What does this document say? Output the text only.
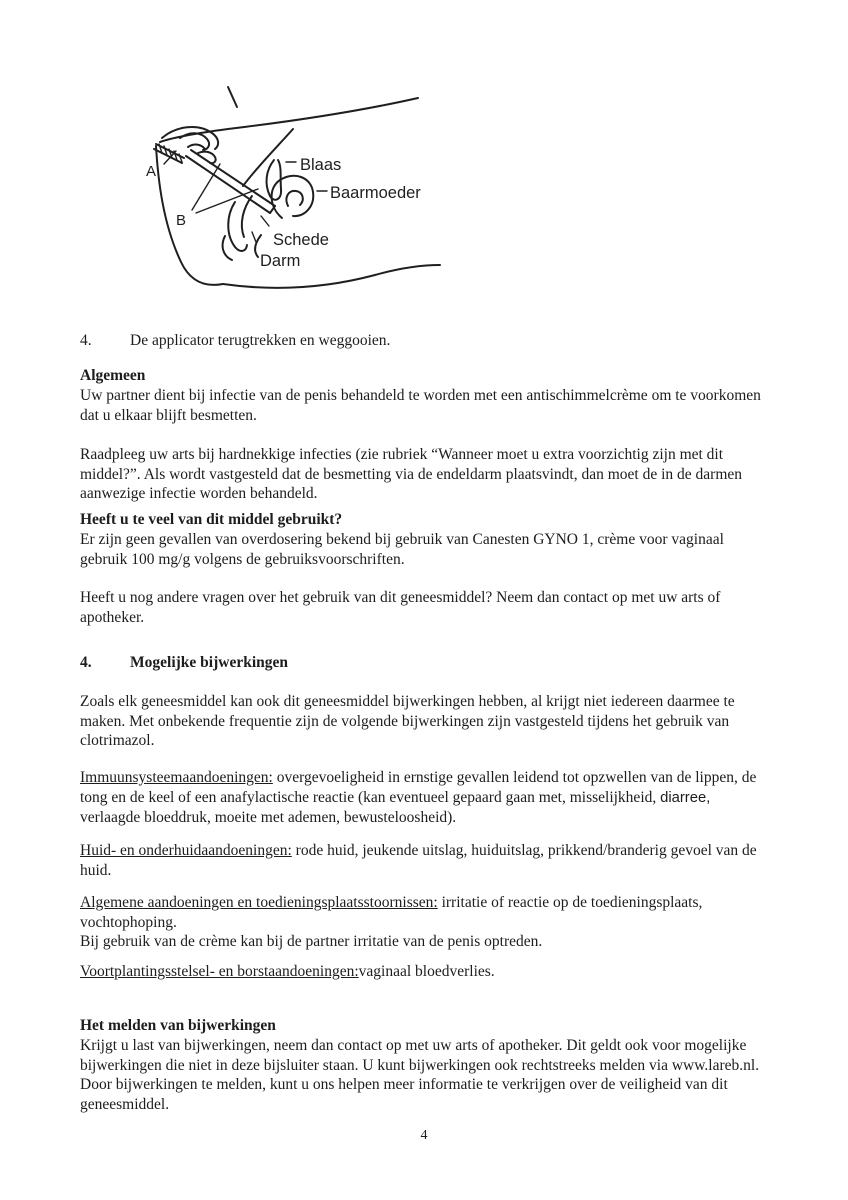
A
B
Blaas
Baarmoeder
Schede
Darm
4.	De applicator terugtrekken en weggooien.
Algemeen
Uw partner dient bij infectie van de penis behandeld te worden met een antischimmelcrème om te voorkomen dat u elkaar blijft besmetten.
Raadpleeg uw arts bij hardnekkige infecties (zie rubriek “Wanneer moet u extra voorzichtig zijn met dit middel?”. Als wordt vastgesteld dat de besmetting via de endeldarm plaatsvindt, dan moet de in de darmen aanwezige infectie worden behandeld.
Heeft u te veel van dit middel gebruikt?
Er zijn geen gevallen van overdosering bekend bij gebruik van Canesten GYNO 1, crème voor vaginaal gebruik 100 mg/g volgens de gebruiksvoorschriften.
Heeft u nog andere vragen over het gebruik van dit geneesmiddel? Neem dan contact op met uw arts of apotheker.
4.	Mogelijke bijwerkingen
Zoals elk geneesmiddel kan ook dit geneesmiddel bijwerkingen hebben, al krijgt niet iedereen daarmee te maken. Met onbekende frequentie zijn de volgende bijwerkingen zijn vastgesteld tijdens het gebruik van clotrimazol.
Immuunsysteemaandoeningen: overgevoeligheid in ernstige gevallen leidend tot opzwellen van de lippen, de tong en de keel of een anafylactische reactie (kan eventueel gepaard gaan met, misselijkheid, diarree, verlaagde bloeddruk, moeite met ademen, bewusteloosheid).
Huid- en onderhuidaandoeningen: rode huid, jeukende uitslag, huiduitslag, prikkend/branderig gevoel van de huid.
Algemene aandoeningen en toedieningsplaatsstoornissen: irritatie of reactie op de toedieningsplaats, vochtophoping.
Bij gebruik van de crème kan bij de partner irritatie van de penis optreden.
Voortplantingsstelsel- en borstaandoeningen:vaginaal bloedverlies.
Het melden van bijwerkingen
Krijgt u last van bijwerkingen, neem dan contact op met uw arts of apotheker. Dit geldt ook voor mogelijke bijwerkingen die niet in deze bijsluiter staan. U kunt bijwerkingen ook rechtstreeks melden via www.lareb.nl. Door bijwerkingen te melden, kunt u ons helpen meer informatie te verkrijgen over de veiligheid van dit geneesmiddel.
4
